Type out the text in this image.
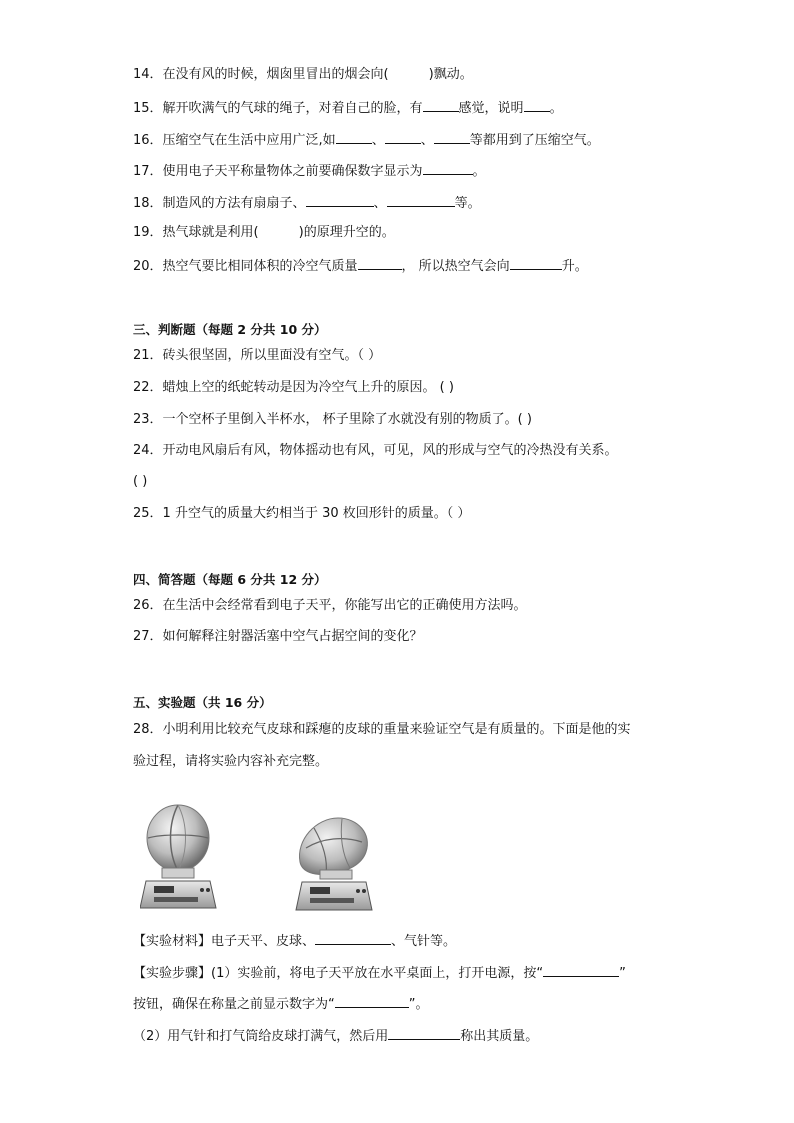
14．在没有风的时候，烟囱里冒出的烟会向(	)飘动。
15．解开吹满气的气球的绳子，对着自己的脸，有	感觉，说明 。
16．压缩空气在生活中应用广泛,如	、	、	等都用到了压缩空气。
17．使用电子天平称量物体之前要确保数字显示为	。
18．制造风的方法有扇扇子、	、	等。
19．热气球就是利用(	)的原理升空的。
20．热空气要比相同体积的冷空气质量	， 所以热空气会向	升。
三、判断题（每题 2 分共 10 分）
21．砖头很坚固，所以里面没有空气。（ ）
22．蜡烛上空的纸蛇转动是因为冷空气上升的原因。 ( )
23．一个空杯子里倒入半杯水， 杯子里除了水就没有别的物质了。( )
24．开动电风扇后有风，物体摇动也有风，可见，风的形成与空气的冷热没有关系。
( )
25．1 升空气的质量大约相当于 30 枚回形针的质量。（ ）
四、简答题（每题 6 分共 12 分）
26．在生活中会经常看到电子天平，你能写出它的正确使用方法吗。
27．如何解释注射器活塞中空气占据空间的变化？
五、实验题（共 16 分）
28．小明利用比较充气皮球和踩瘪的皮球的重量来验证空气是有质量的。下面是他的实
验过程，请将实验内容补充完整。
【实验材料】电子天平、皮球、	、气针等。
【实验步骤】(1）实验前，将电子天平放在水平桌面上，打开电源，按“	”
按钮，确保在称量之前显示数字为“	”。
（2）用气针和打气筒给皮球打满气，然后用	称出其质量。
